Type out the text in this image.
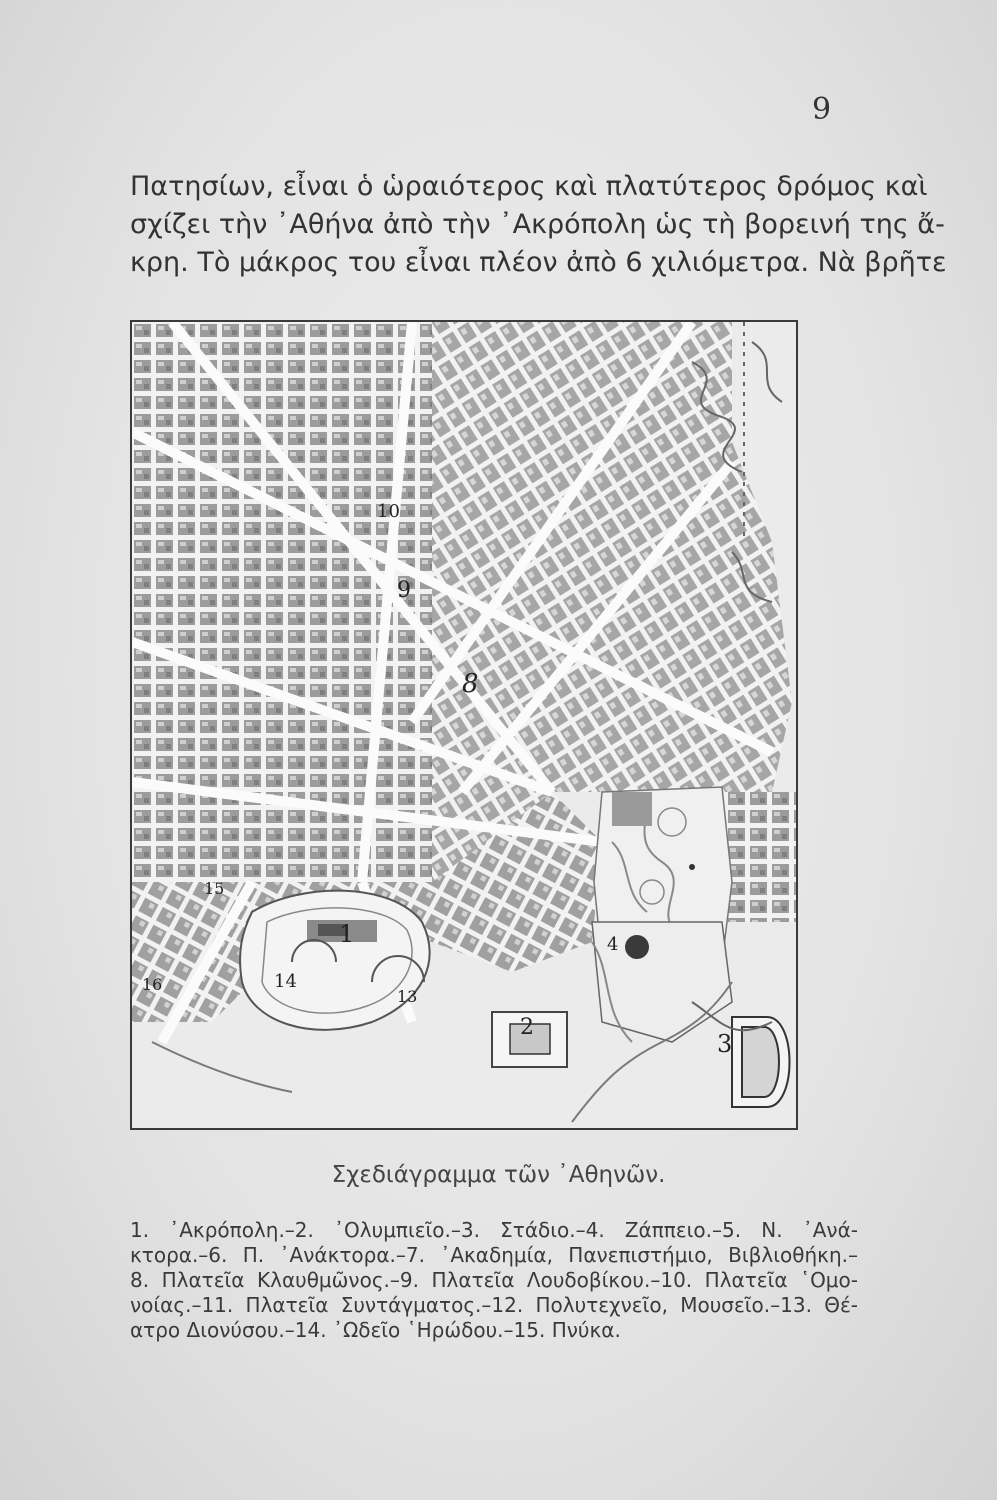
9
Πατησίων, εἶναι ὁ ὡραιότερος καὶ πλατύτερος δρόμος καὶ
σχίζει τὴν ᾿Αθήνα ἀπὸ τὴν ᾿Ακρόπολη ὡς τὴ βορεινή της ἄ-
κρη. Τὸ μάκρος του εἶναι πλέον ἀπὸ 6 χιλιόμετρα. Νὰ βρῆτε
1
2
3
4
8
9
10
13
14
15
16
Σχεδιάγραμμα τῶν ᾿Αθηνῶν.
1. ᾿Ακρόπολη.–2. ᾿Ολυμπιεῖο.–3. Στάδιο.–4. Ζάππειο.–5. Ν. ᾿Ανά-
κτορα.–6. Π. ᾿Ανάκτορα.–7. ᾿Ακαδημία, Πανεπιστήμιο, Βιβλιοθήκη.–
8. Πλατεῖα Κλαυθμῶνος.–9. Πλατεῖα Λουδοβίκου.–10. Πλατεῖα ῾Ομο-
νοίας.–11. Πλατεῖα Συντάγματος.–12. Πολυτεχνεῖο, Μουσεῖο.–13. Θέ-
ατρο Διονύσου.–14. ᾿Ωδεῖο ῾Ηρώδου.–15. Πνύκα.
